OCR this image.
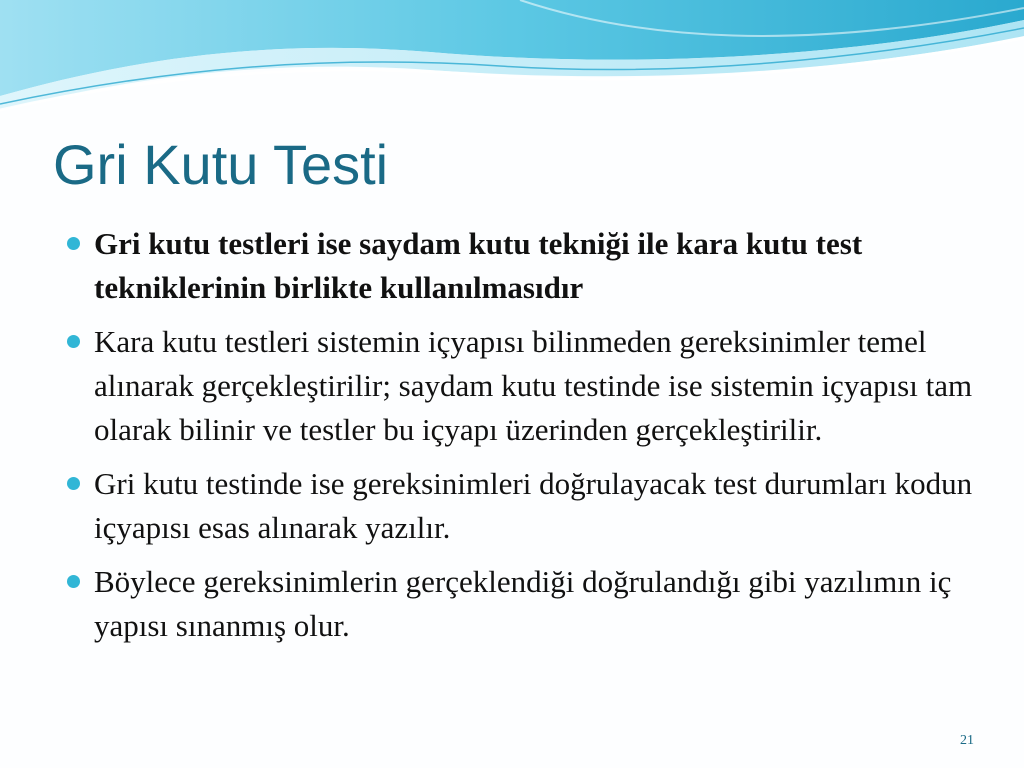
Gri Kutu Testi
Gri kutu testleri ise saydam kutu tekniği ile kara kutu test tekniklerinin birlikte kullanılmasıdır
Kara kutu testleri sistemin içyapısı bilinmeden gereksinimler temel alınarak gerçekleştirilir; saydam kutu testinde ise sistemin içyapısı tam olarak bilinir ve testler bu içyapı üzerinden gerçekleştirilir.
Gri kutu testinde ise gereksinimleri doğrulayacak test durumları kodun içyapısı esas alınarak yazılır.
Böylece gereksinimlerin gerçeklendiği doğrulandığı gibi yazılımın iç yapısı sınanmış olur.
21
